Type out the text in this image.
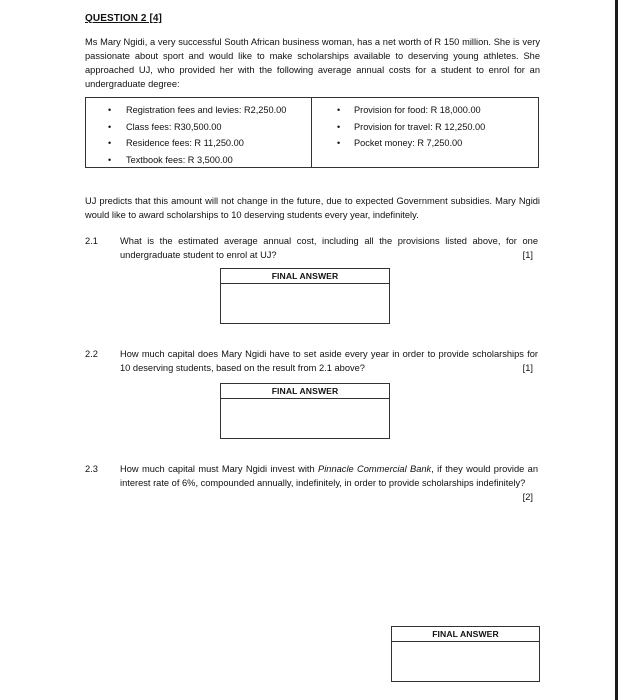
QUESTION 2 [4]
Ms Mary Ngidi, a very successful South African business woman, has a net worth of R 150 million. She is very passionate about sport and would like to make scholarships available to deserving young athletes. She approached UJ, who provided her with the following average annual costs for a student to enrol for an undergraduate degree:
• Registration fees and levies: R2,250.00
• Class fees: R30,500.00
• Residence fees: R 11,250.00
• Textbook fees: R 3,500.00
• Provision for food: R 18,000.00
• Provision for travel: R 12,250.00
• Pocket money: R 7,250.00
UJ predicts that this amount will not change in the future, due to expected Government subsidies. Mary Ngidi would like to award scholarships to 10 deserving students every year, indefinitely.
2.1	What is the estimated average annual cost, including all the provisions listed above, for one undergraduate student to enrol at UJ?	[1]
FINAL ANSWER
2.2	How much capital does Mary Ngidi have to set aside every year in order to provide scholarships for 10 deserving students, based on the result from 2.1 above?	[1]
FINAL ANSWER
2.3	How much capital must Mary Ngidi invest with Pinnacle Commercial Bank, if they would provide an interest rate of 6%, compounded annually, indefinitely, in order to provide scholarships indefinitely?
[2]
FINAL ANSWER
